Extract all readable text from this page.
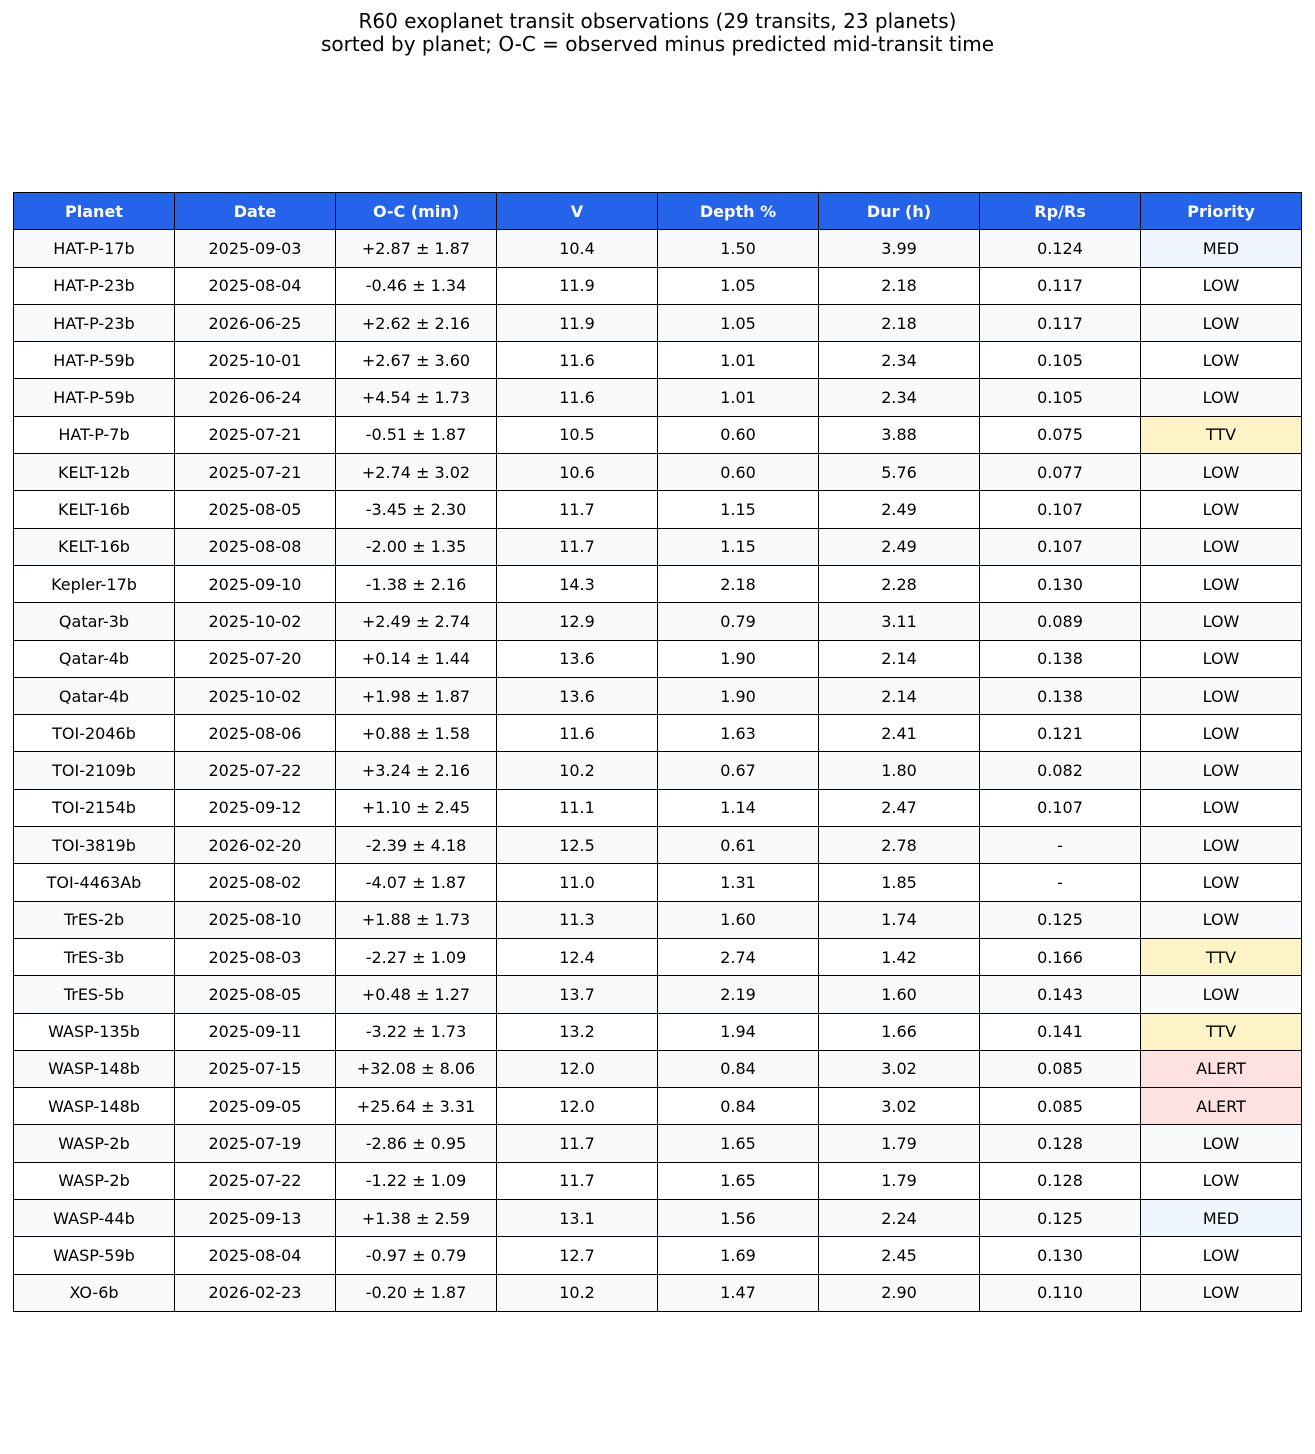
R60 exoplanet transit observations (29 transits, 23 planets)
sorted by planet; O-C = observed minus predicted mid-transit time
Planet	Date	O-C (min)	V	Depth %	Dur (h)	Rp/Rs	Priority
HAT-P-17b	2025-09-03	+2.87 ± 1.87	10.4	1.50	3.99	0.124	MED
HAT-P-23b	2025-08-04	-0.46 ± 1.34	11.9	1.05	2.18	0.117	LOW
HAT-P-23b	2026-06-25	+2.62 ± 2.16	11.9	1.05	2.18	0.117	LOW
HAT-P-59b	2025-10-01	+2.67 ± 3.60	11.6	1.01	2.34	0.105	LOW
HAT-P-59b	2026-06-24	+4.54 ± 1.73	11.6	1.01	2.34	0.105	LOW
HAT-P-7b	2025-07-21	-0.51 ± 1.87	10.5	0.60	3.88	0.075	TTV
KELT-12b	2025-07-21	+2.74 ± 3.02	10.6	0.60	5.76	0.077	LOW
KELT-16b	2025-08-05	-3.45 ± 2.30	11.7	1.15	2.49	0.107	LOW
KELT-16b	2025-08-08	-2.00 ± 1.35	11.7	1.15	2.49	0.107	LOW
Kepler-17b	2025-09-10	-1.38 ± 2.16	14.3	2.18	2.28	0.130	LOW
Qatar-3b	2025-10-02	+2.49 ± 2.74	12.9	0.79	3.11	0.089	LOW
Qatar-4b	2025-07-20	+0.14 ± 1.44	13.6	1.90	2.14	0.138	LOW
Qatar-4b	2025-10-02	+1.98 ± 1.87	13.6	1.90	2.14	0.138	LOW
TOI-2046b	2025-08-06	+0.88 ± 1.58	11.6	1.63	2.41	0.121	LOW
TOI-2109b	2025-07-22	+3.24 ± 2.16	10.2	0.67	1.80	0.082	LOW
TOI-2154b	2025-09-12	+1.10 ± 2.45	11.1	1.14	2.47	0.107	LOW
TOI-3819b	2026-02-20	-2.39 ± 4.18	12.5	0.61	2.78	-	LOW
TOI-4463Ab	2025-08-02	-4.07 ± 1.87	11.0	1.31	1.85	-	LOW
TrES-2b	2025-08-10	+1.88 ± 1.73	11.3	1.60	1.74	0.125	LOW
TrES-3b	2025-08-03	-2.27 ± 1.09	12.4	2.74	1.42	0.166	TTV
TrES-5b	2025-08-05	+0.48 ± 1.27	13.7	2.19	1.60	0.143	LOW
WASP-135b	2025-09-11	-3.22 ± 1.73	13.2	1.94	1.66	0.141	TTV
WASP-148b	2025-07-15	+32.08 ± 8.06	12.0	0.84	3.02	0.085	ALERT
WASP-148b	2025-09-05	+25.64 ± 3.31	12.0	0.84	3.02	0.085	ALERT
WASP-2b	2025-07-19	-2.86 ± 0.95	11.7	1.65	1.79	0.128	LOW
WASP-2b	2025-07-22	-1.22 ± 1.09	11.7	1.65	1.79	0.128	LOW
WASP-44b	2025-09-13	+1.38 ± 2.59	13.1	1.56	2.24	0.125	MED
WASP-59b	2025-08-04	-0.97 ± 0.79	12.7	1.69	2.45	0.130	LOW
XO-6b	2026-02-23	-0.20 ± 1.87	10.2	1.47	2.90	0.110	LOW
